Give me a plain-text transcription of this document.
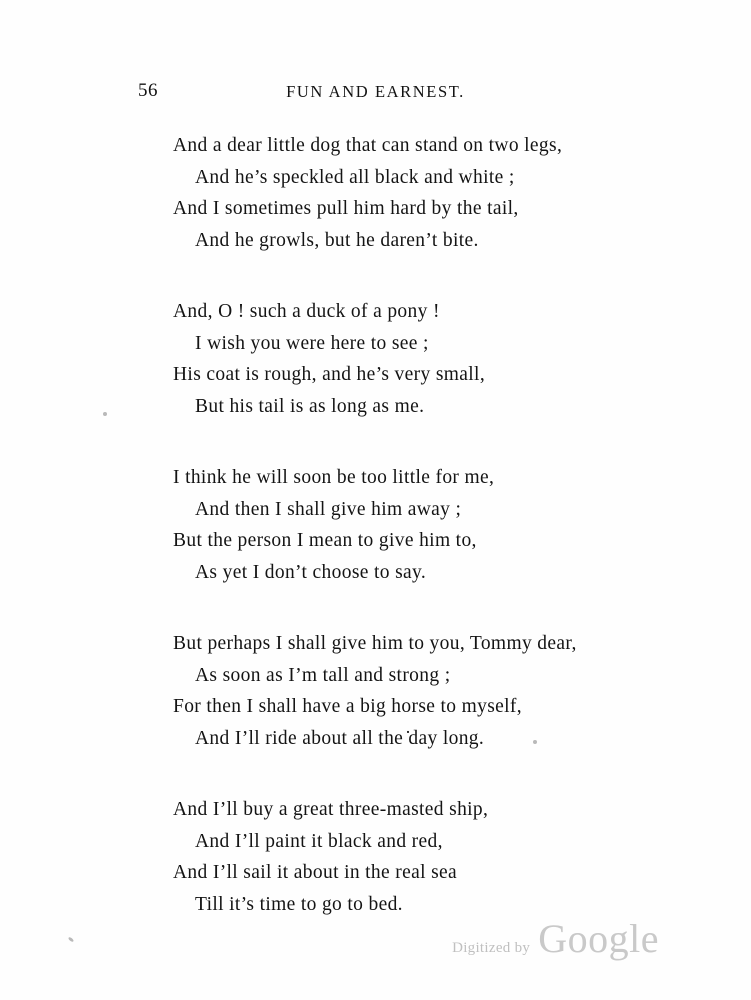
56	FUN AND EARNEST.
And a dear little dog that can stand on two legs,
And he’s speckled all black and white ;
And I sometimes pull him hard by the tail,
And he growls, but he daren’t bite.
And, O ! such a duck of a pony !
I wish you were here to see ;
His coat is rough, and he’s very small,
But his tail is as long as me.
I think he will soon be too little for me,
And then I shall give him away ;
But the person I mean to give him to,
As yet I don’t choose to say.
But perhaps I shall give him to you, Tommy dear,
As soon as I’m tall and strong ;
For then I shall have a big horse to myself,
And I’ll ride about all the ̇day long.
And I’ll buy a great three-masted ship,
And I’ll paint it black and red,
And I’ll sail it about in the real sea
Till it’s time to go to bed.
Digitized by Google
